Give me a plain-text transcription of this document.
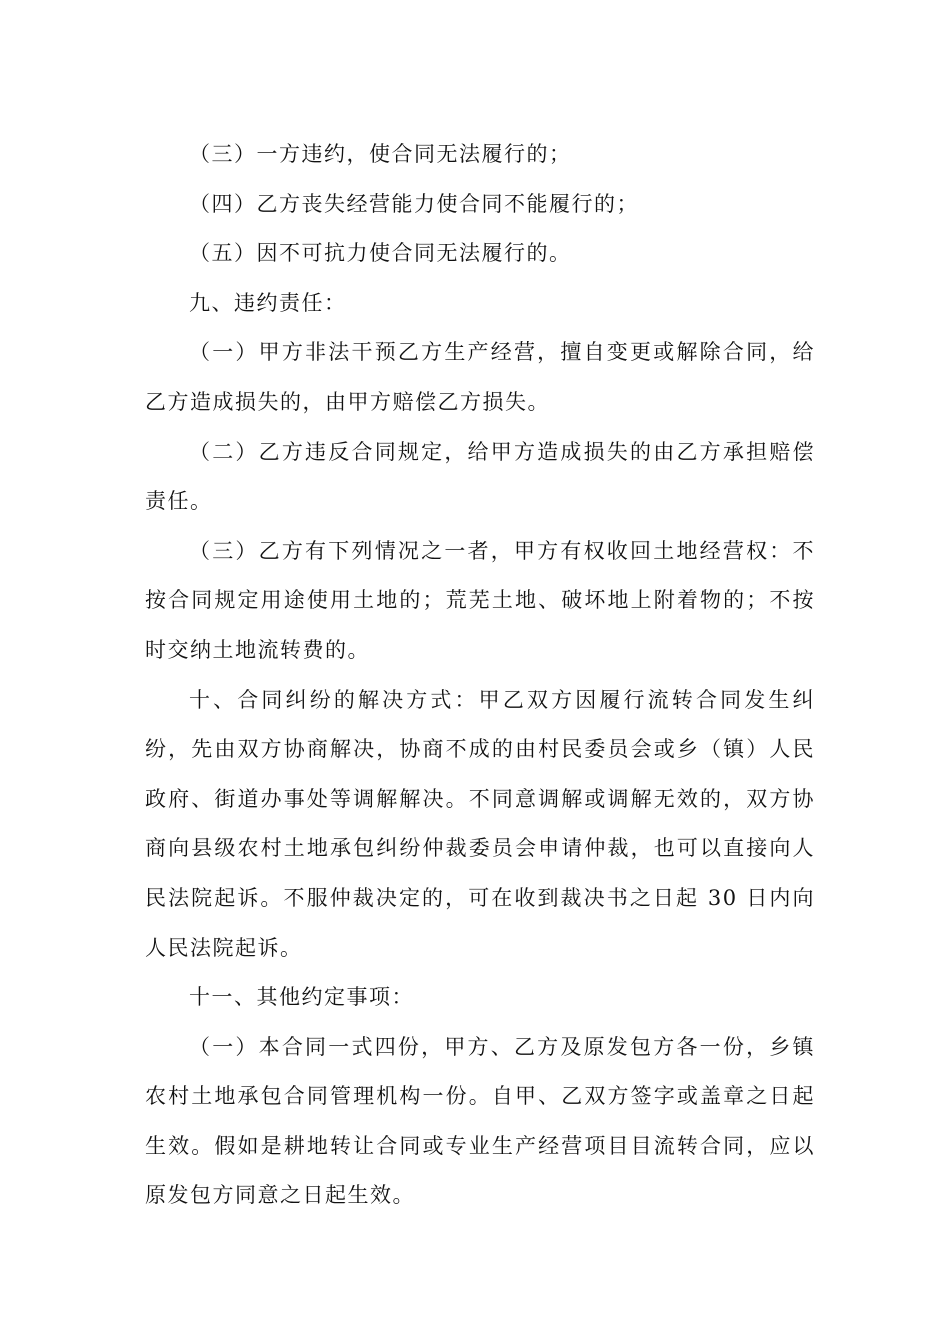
（三）一方违约，使合同无法履行的；

（四）乙方丧失经营能力使合同不能履行的；

（五）因不可抗力使合同无法履行的。

九、违约责任：

（一）甲方非法干预乙方生产经营，擅自变更或解除合同，给乙方造成损失的，由甲方赔偿乙方损失。

（二）乙方违反合同规定，给甲方造成损失的由乙方承担赔偿责任。

（三）乙方有下列情况之一者，甲方有权收回土地经营权：不按合同规定用途使用土地的；荒芜土地、破坏地上附着物的；不按时交纳土地流转费的。

十、合同纠纷的解决方式：甲乙双方因履行流转合同发生纠纷，先由双方协商解决，协商不成的由村民委员会或乡（镇）人民政府、街道办事处等调解解决。不同意调解或调解无效的，双方协商向县级农村土地承包纠纷仲裁委员会申请仲裁，也可以直接向人民法院起诉。不服仲裁决定的，可在收到裁决书之日起 30 日内向人民法院起诉。

十一、其他约定事项：

（一）本合同一式四份，甲方、乙方及原发包方各一份，乡镇农村土地承包合同管理机构一份。自甲、乙双方签字或盖章之日起生效。假如是耕地转让合同或专业生产经营项目目流转合同，应以原发包方同意之日起生效。
